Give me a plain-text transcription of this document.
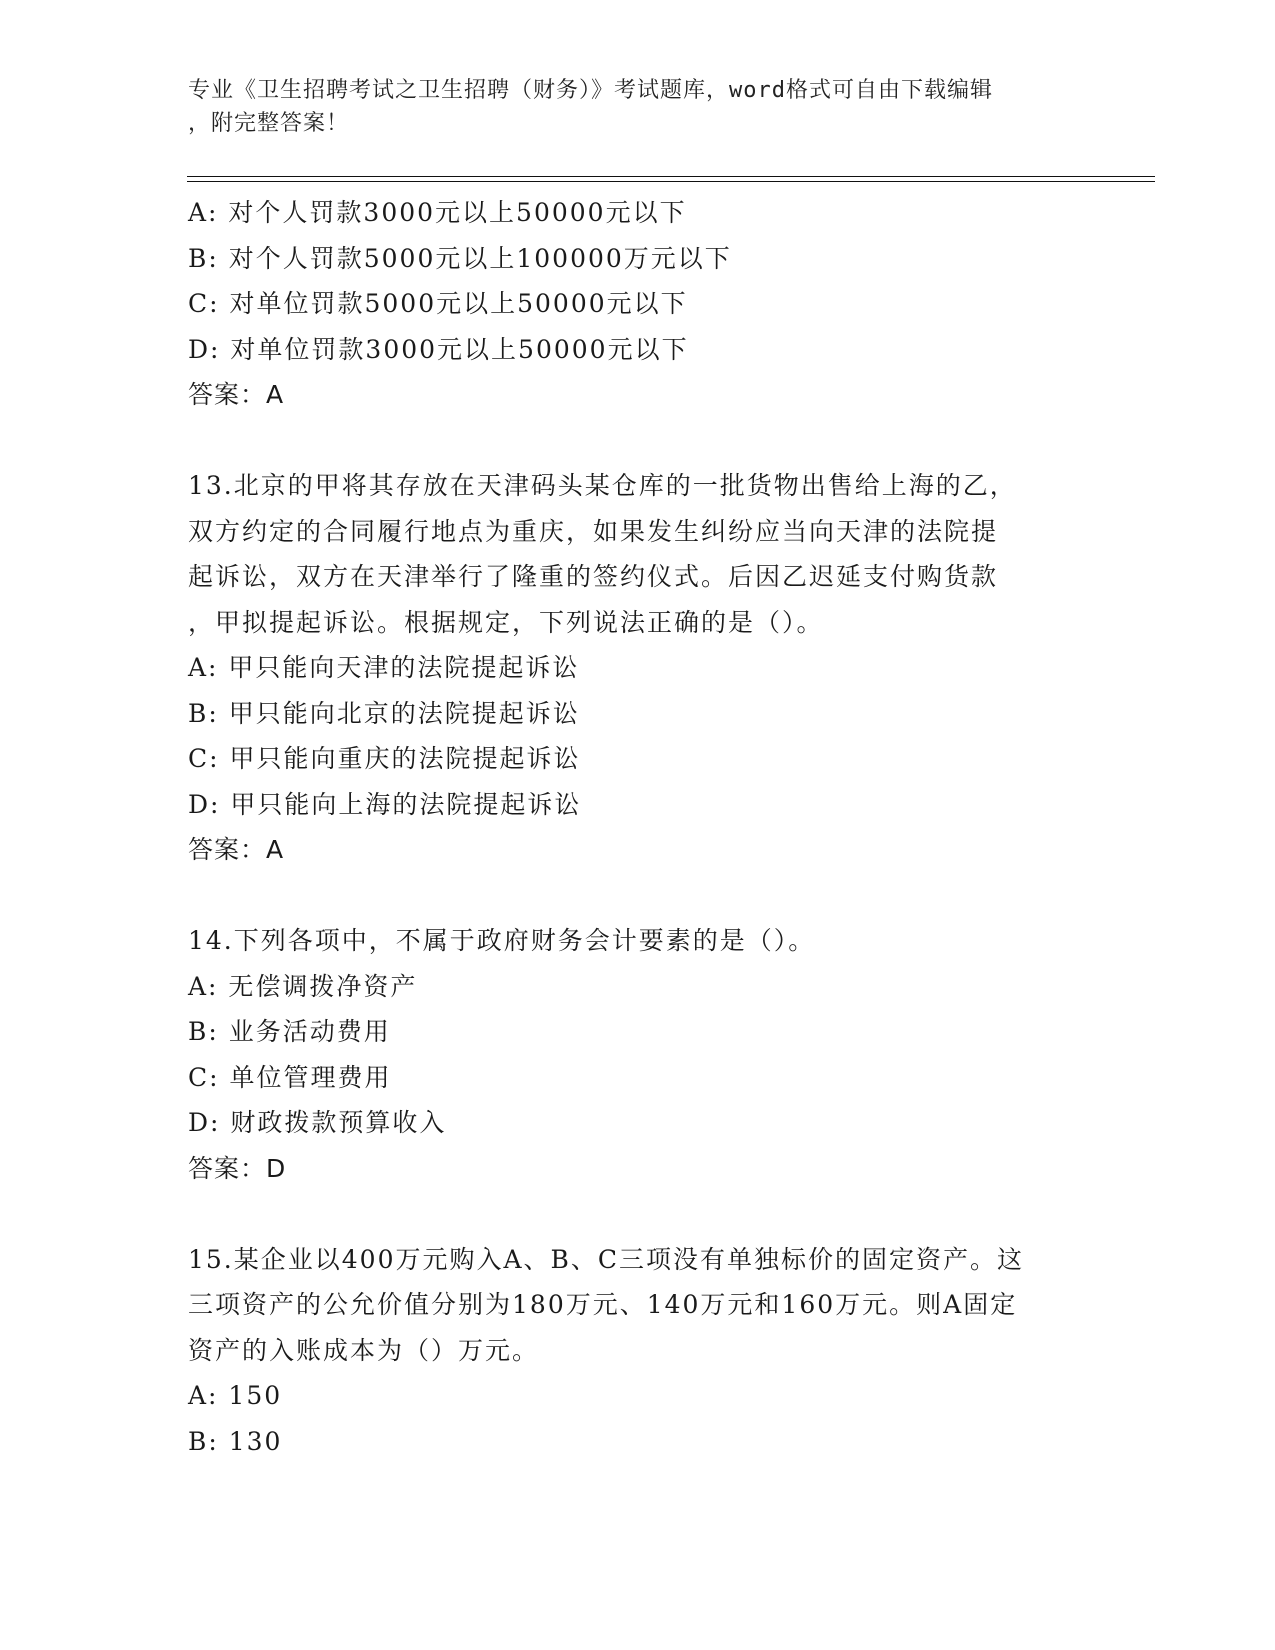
专业《卫生招聘考试之卫生招聘（财务）》考试题库，word格式可自由下载编辑
，附完整答案！
A: 对个人罚款3000元以上50000元以下
B: 对个人罚款5000元以上100000万元以下
C: 对单位罚款5000元以上50000元以下
D: 对单位罚款3000元以上50000元以下
答案：A
13.北京的甲将其存放在天津码头某仓库的一批货物出售给上海的乙，
双方约定的合同履行地点为重庆，如果发生纠纷应当向天津的法院提
起诉讼，双方在天津举行了隆重的签约仪式。后因乙迟延支付购货款
，甲拟提起诉讼。根据规定，下列说法正确的是（）。
A: 甲只能向天津的法院提起诉讼
B: 甲只能向北京的法院提起诉讼
C: 甲只能向重庆的法院提起诉讼
D: 甲只能向上海的法院提起诉讼
答案：A
14.下列各项中，不属于政府财务会计要素的是（）。
A: 无偿调拨净资产
B: 业务活动费用
C: 单位管理费用
D: 财政拨款预算收入
答案：D
15.某企业以400万元购入A、B、C三项没有单独标价的固定资产。这
三项资产的公允价值分别为180万元、140万元和160万元。则A固定
资产的入账成本为（）万元。
A: 150
B: 130
